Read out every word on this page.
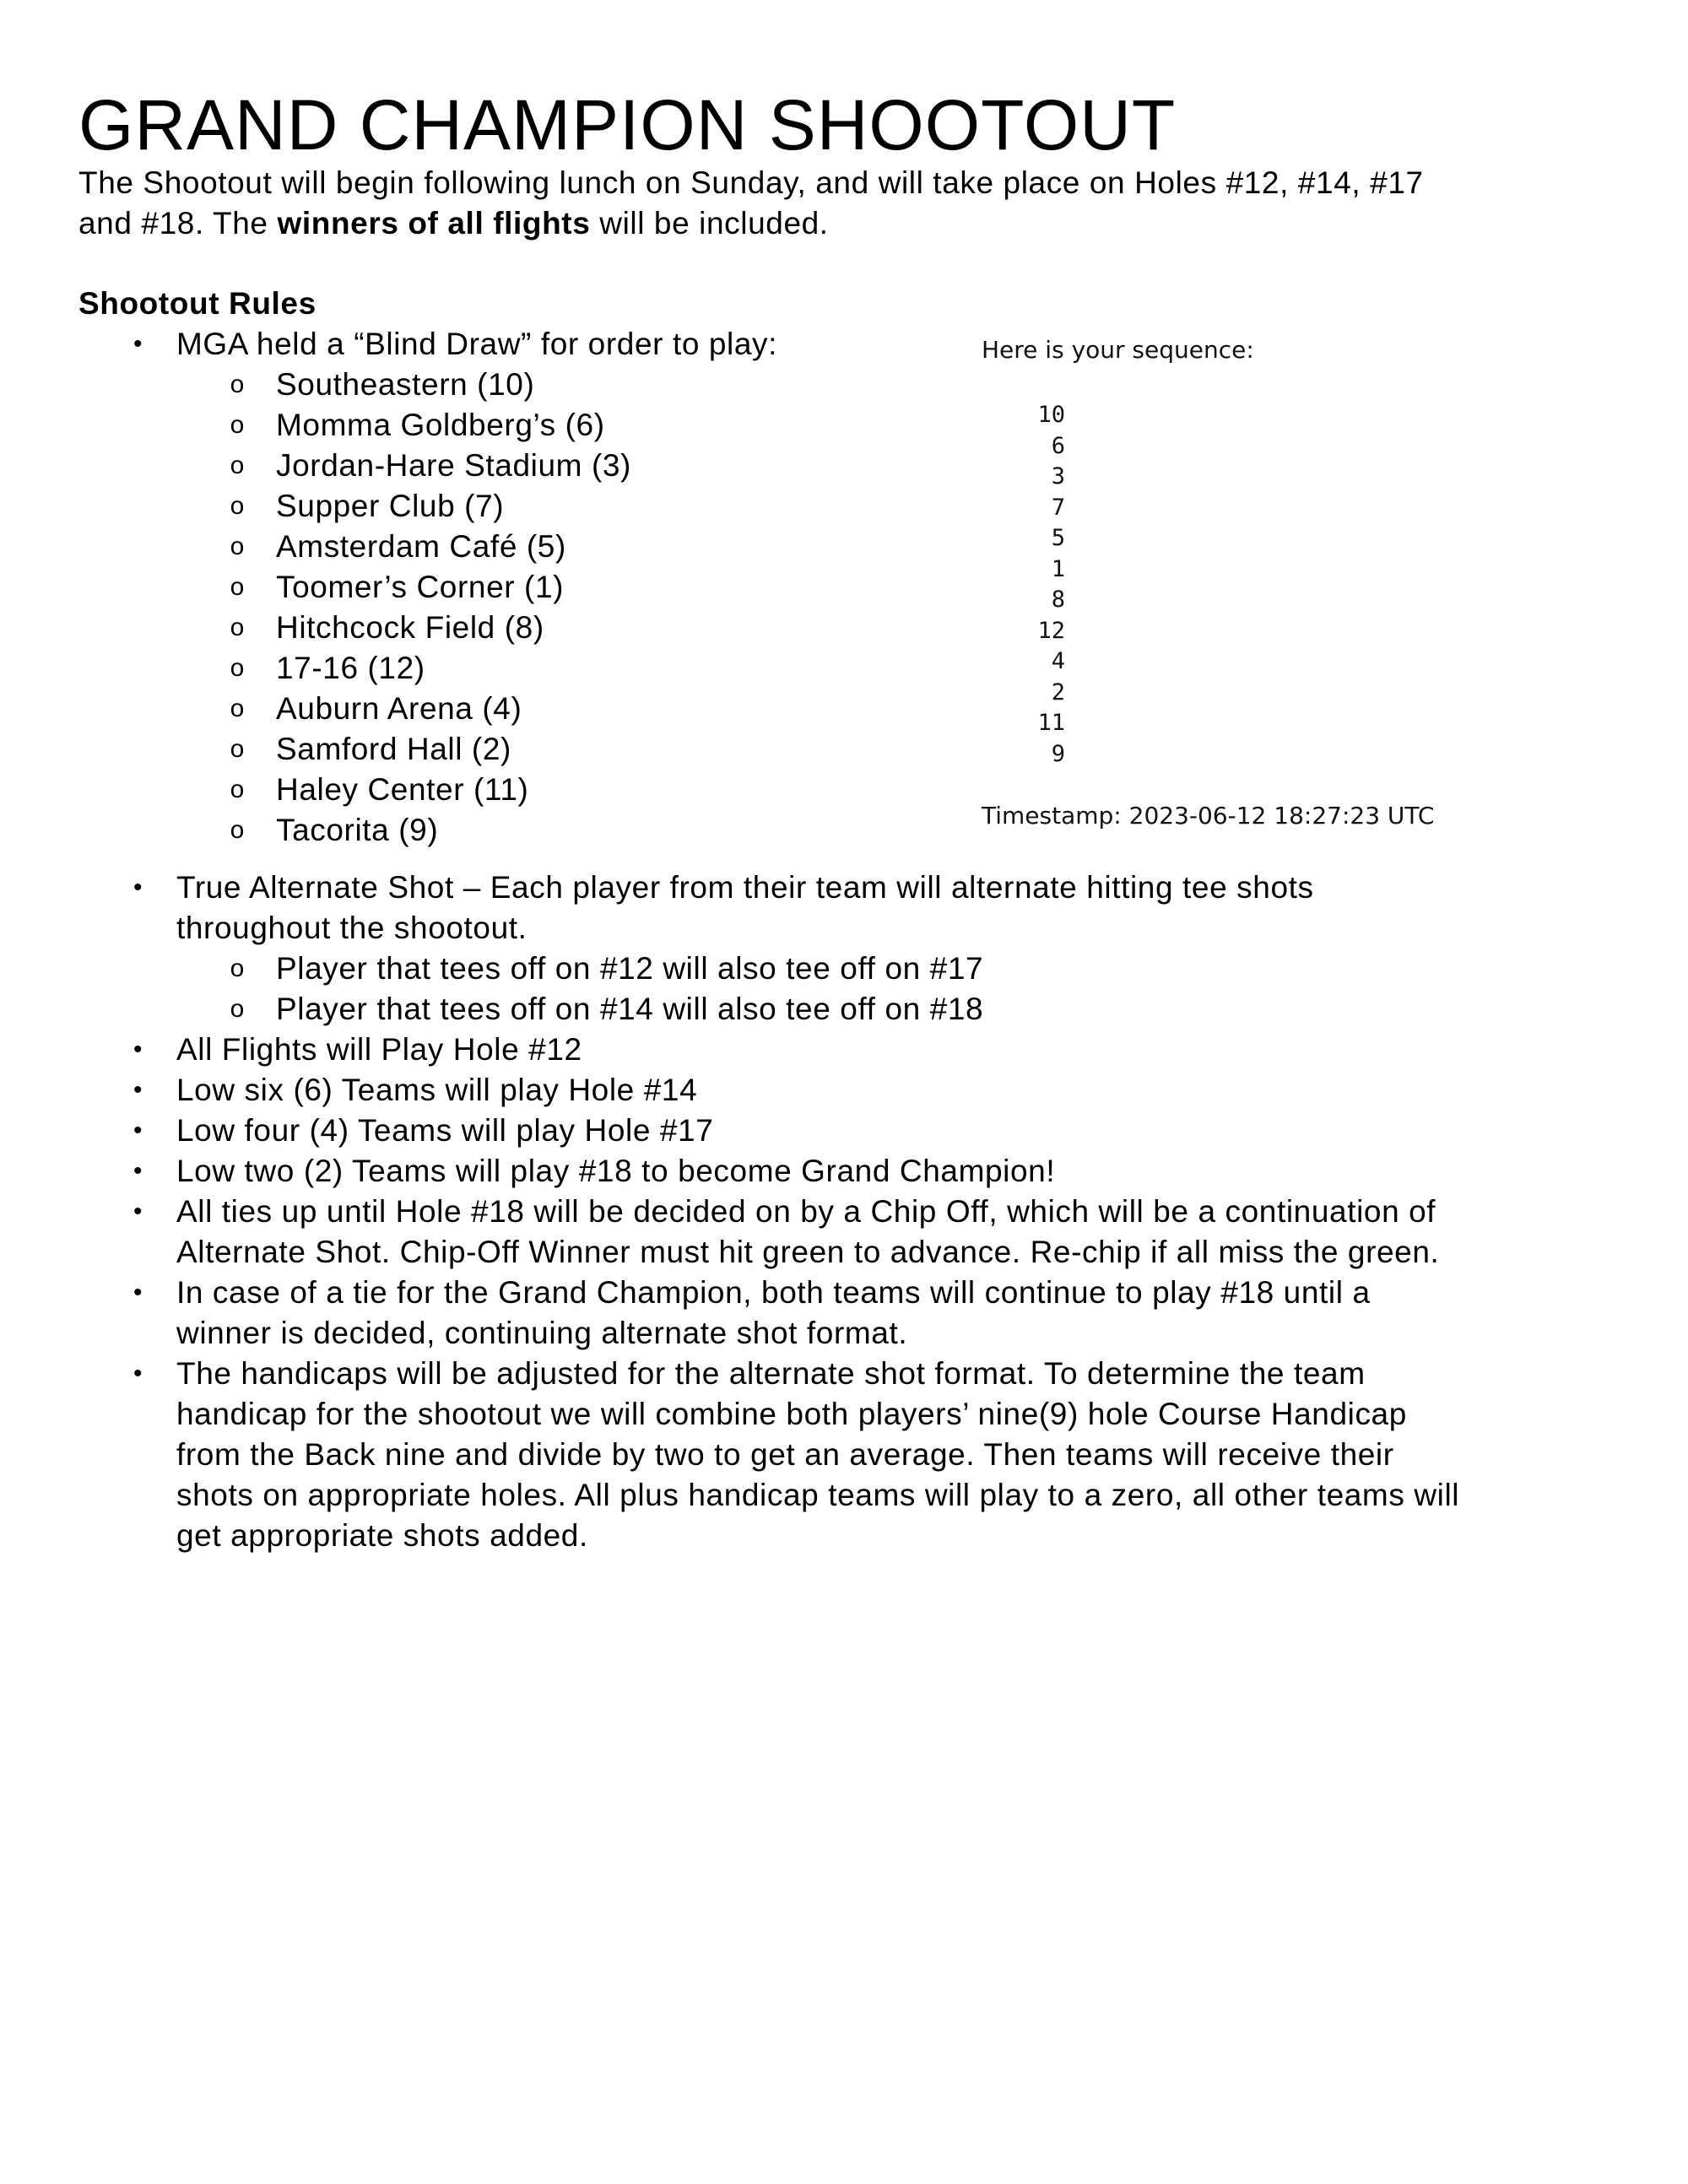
GRAND CHAMPION SHOOTOUT
The Shootout will begin following lunch on Sunday, and will take place on Holes #12, #14, #17
and #18. The winners of all flights will be included.
Shootout Rules
• MGA held a “Blind Draw” for order to play:
o Southeastern (10)
o Momma Goldberg’s (6)
o Jordan-Hare Stadium (3)
o Supper Club (7)
o Amsterdam Café (5)
o Toomer’s Corner (1)
o Hitchcock Field (8)
o 17-16 (12)
o Auburn Arena (4)
o Samford Hall (2)
o Haley Center (11)
o Tacorita (9)
• True Alternate Shot – Each player from their team will alternate hitting tee shots
throughout the shootout.
o Player that tees off on #12 will also tee off on #17
o Player that tees off on #14 will also tee off on #18
• All Flights will Play Hole #12
• Low six (6) Teams will play Hole #14
• Low four (4) Teams will play Hole #17
• Low two (2) Teams will play #18 to become Grand Champion!
• All ties up until Hole #18 will be decided on by a Chip Off, which will be a continuation of
Alternate Shot. Chip-Off Winner must hit green to advance. Re-chip if all miss the green.
• In case of a tie for the Grand Champion, both teams will continue to play #18 until a
winner is decided, continuing alternate shot format.
• The handicaps will be adjusted for the alternate shot format. To determine the team
handicap for the shootout we will combine both players’ nine(9) hole Course Handicap
from the Back nine and divide by two to get an average. Then teams will receive their
shots on appropriate holes. All plus handicap teams will play to a zero, all other teams will
get appropriate shots added.
Here is your sequence:
10
6
3
7
5
1
8
12
4
2
11
9
Timestamp: 2023-06-12 18:27:23 UTC
